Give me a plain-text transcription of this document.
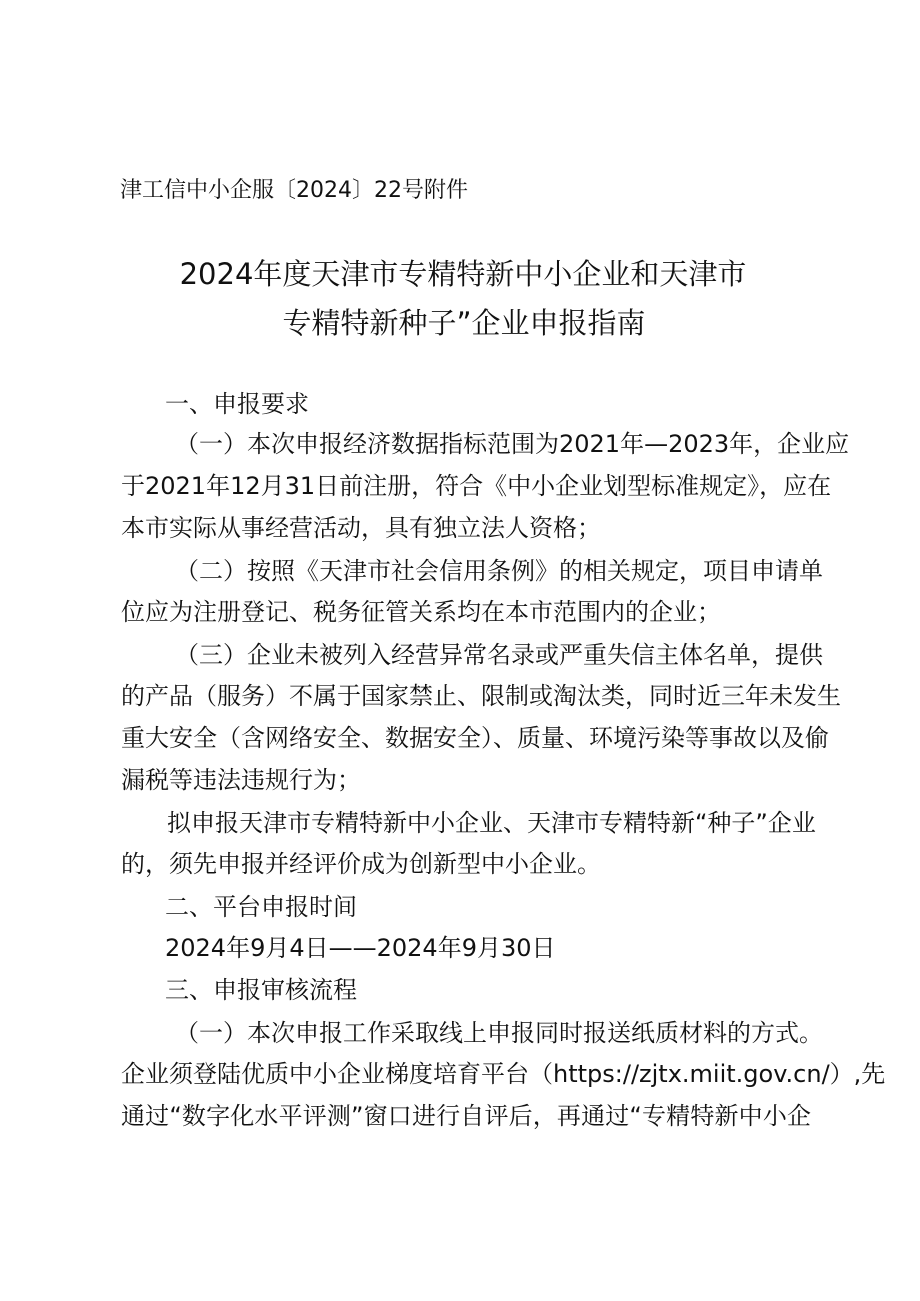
津工信中小企服〔2024〕22号附件
2024年度天津市专精特新中小企业和天津市
专精特新种子”企业申报指南
一、申报要求
（一）本次申报经济数据指标范围为2021年—2023年，企业应
于2021年12月31日前注册，符合《中小企业划型标准规定》，应在
本市实际从事经营活动，具有独立法人资格；
（二）按照《天津市社会信用条例》的相关规定，项目申请单
位应为注册登记、税务征管关系均在本市范围内的企业；
（三）企业未被列入经营异常名录或严重失信主体名单，提供
的产品（服务）不属于国家禁止、限制或淘汰类，同时近三年未发生
重大安全（含网络安全、数据安全）、质量、环境污染等事故以及偷
漏税等违法违规行为；
拟申报天津市专精特新中小企业、天津市专精特新“种子”企业
的，须先申报并经评价成为创新型中小企业。
二、平台申报时间
2024年9月4日——2024年9月30日
三、申报审核流程
（一）本次申报工作采取线上申报同时报送纸质材料的方式。
企业须登陆优质中小企业梯度培育平台（https://zjtx.miit.gov.cn/）,先
通过“数字化水平评测”窗口进行自评后，再通过“专精特新中小企
